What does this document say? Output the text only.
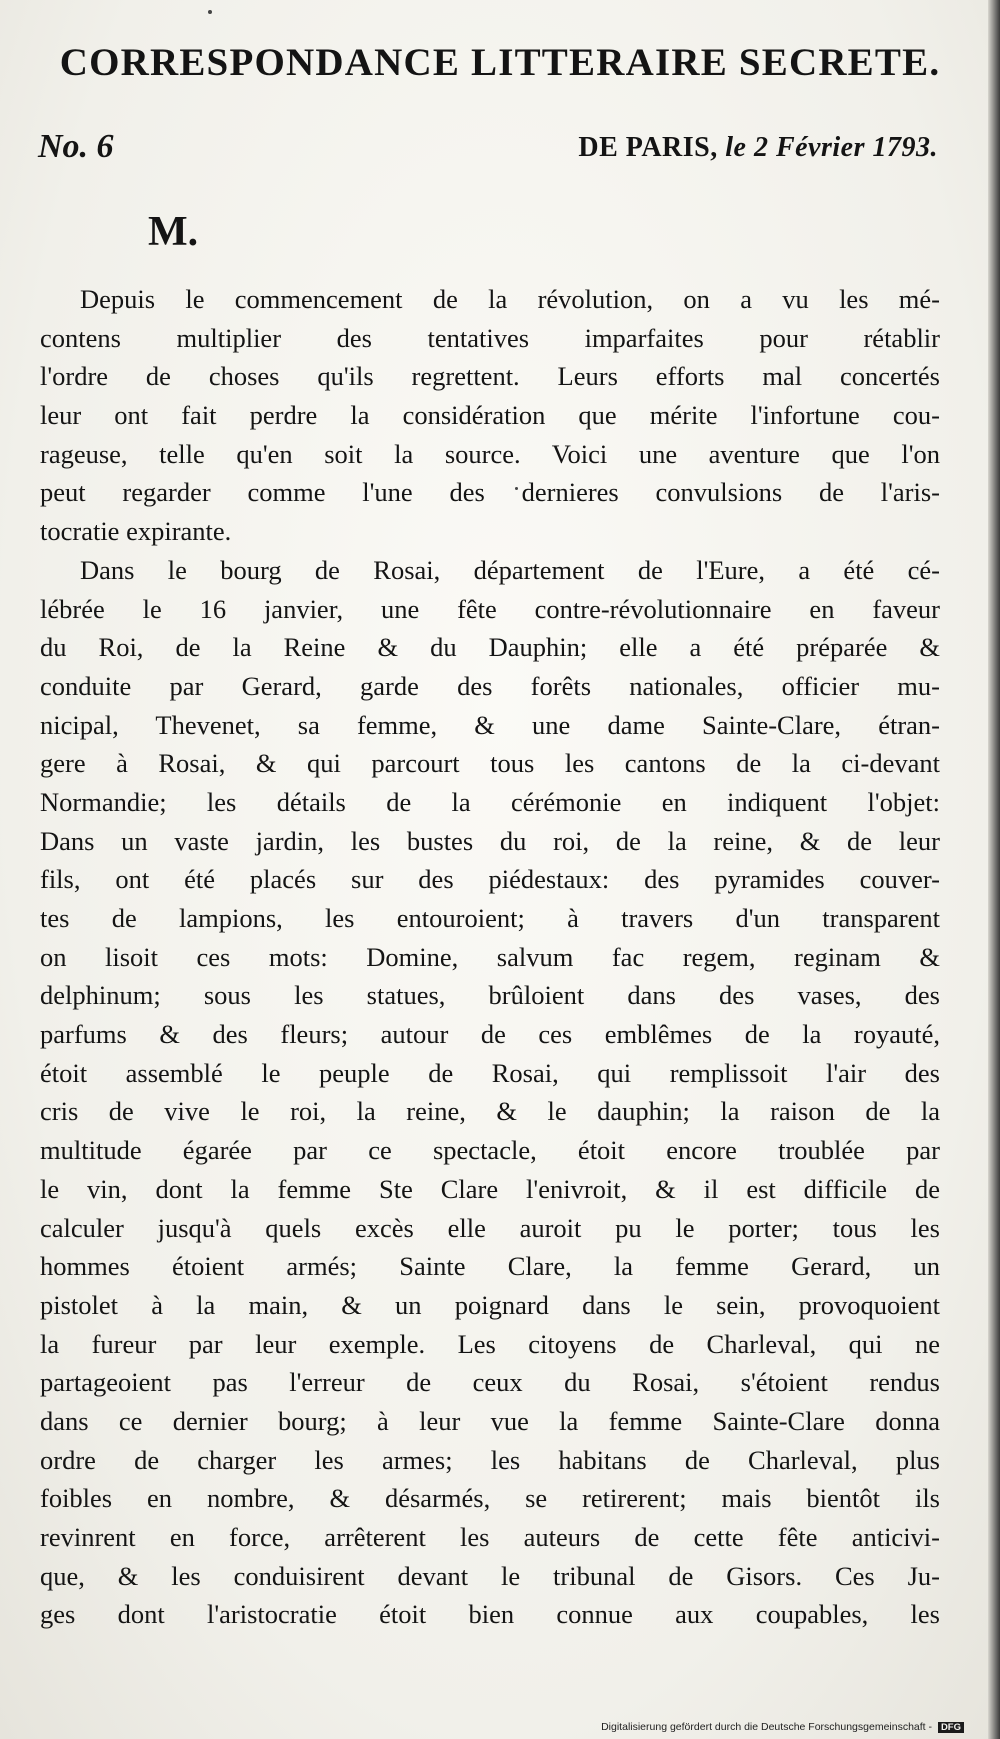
CORRESPONDANCE LITTERAIRE SECRETE.
No. 6	DE PARIS, le 2 Février 1793.
M.
Depuis le commencement de la révolution, on a vu les mé-
contens multiplier des tentatives imparfaites pour rétablir
l'ordre de choses qu'ils regrettent. Leurs efforts mal concertés
leur ont fait perdre la considération que mérite l'infortune cou-
rageuse, telle qu'en soit la source. Voici une aventure que l'on
peut regarder comme l'une des dernieres convulsions de l'aris-
tocratie expirante.
Dans le bourg de Rosai, département de l'Eure, a été cé-
lébrée le 16 janvier, une fête contre-révolutionnaire en faveur
du Roi, de la Reine & du Dauphin; elle a été préparée &
conduite par Gerard, garde des forêts nationales, officier mu-
nicipal, Thevenet, sa femme, & une dame Sainte-Clare, étran-
gere à Rosai, & qui parcourt tous les cantons de la ci-devant
Normandie; les détails de la cérémonie en indiquent l'objet:
Dans un vaste jardin, les bustes du roi, de la reine, & de leur
fils, ont été placés sur des piédestaux: des pyramides couver-
tes de lampions, les entouroient; à travers d'un transparent
on lisoit ces mots: Domine, salvum fac regem, reginam &
delphinum; sous les statues, brûloient dans des vases, des
parfums & des fleurs; autour de ces emblêmes de la royauté,
étoit assemblé le peuple de Rosai, qui remplissoit l'air des
cris de vive le roi, la reine, & le dauphin; la raison de la
multitude égarée par ce spectacle, étoit encore troublée par
le vin, dont la femme Ste Clare l'enivroit, & il est difficile de
calculer jusqu'à quels excès elle auroit pu le porter; tous les
hommes étoient armés; Sainte Clare, la femme Gerard, un
pistolet à la main, & un poignard dans le sein, provoquoient
la fureur par leur exemple. Les citoyens de Charleval, qui ne
partageoient pas l'erreur de ceux du Rosai, s'étoient rendus
dans ce dernier bourg; à leur vue la femme Sainte-Clare donna
ordre de charger les armes; les habitans de Charleval, plus
foibles en nombre, & désarmés, se retirerent; mais bientôt ils
revinrent en force, arrêterent les auteurs de cette fête anticivi-
que, & les conduisirent devant le tribunal de Gisors. Ces Ju-
ges dont l'aristocratie étoit bien connue aux coupables, les
Digitalisierung gefördert durch die Deutsche Forschungsgemeinschaft - DFG
